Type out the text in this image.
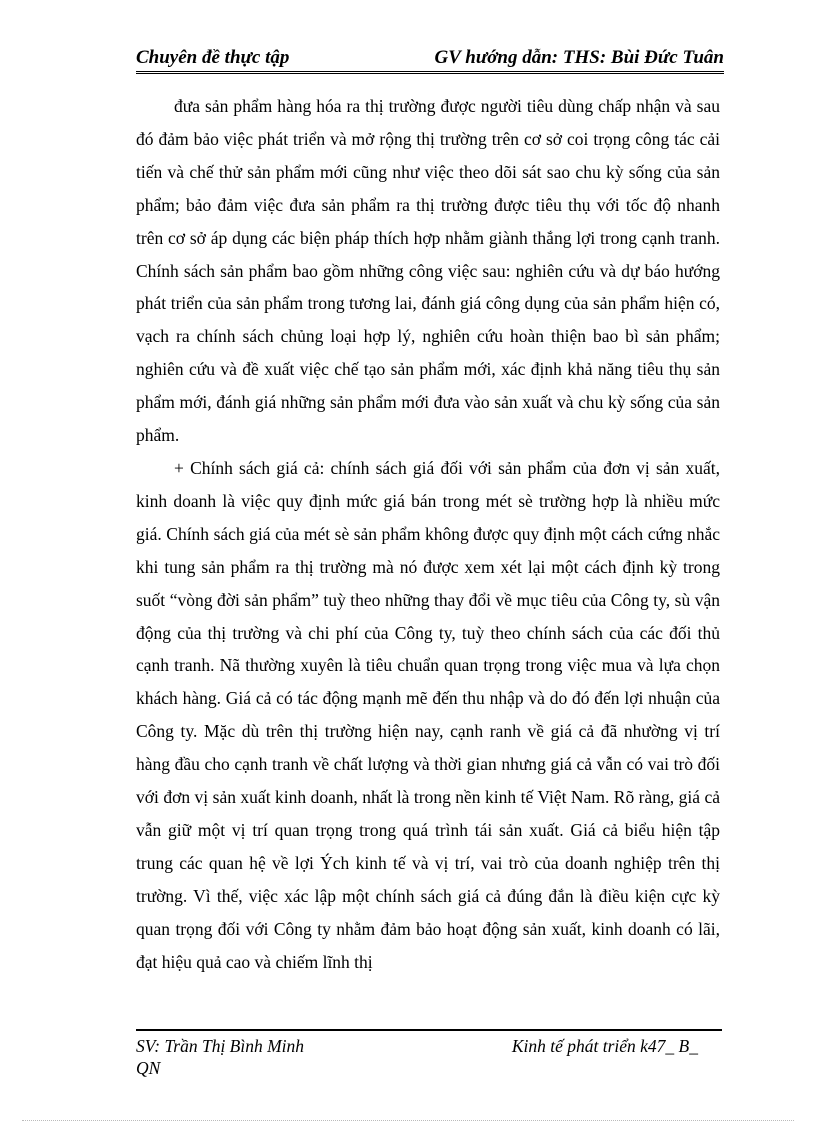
Chuyên đề thực tập	GV hướng dẫn: THS: Bùi Đức Tuân

đưa sản phẩm hàng hóa ra thị trường được người tiêu dùng chấp nhận và sau đó đảm bảo việc phát triển và mở rộng thị trường trên cơ sở coi trọng công tác cải tiến và chế thử sản phẩm mới cũng như việc theo dõi sát sao chu kỳ sống của sản phẩm; bảo đảm việc đưa sản phẩm ra thị trường được tiêu thụ với tốc độ nhanh trên cơ sở áp dụng các biện pháp thích hợp nhằm giành thắng lợi trong cạnh tranh. Chính sách sản phẩm bao gồm những công việc sau: nghiên cứu và dự báo hướng phát triển của sản phẩm trong tương lai, đánh giá công dụng của sản phẩm hiện có, vạch ra chính sách chủng loại hợp lý, nghiên cứu hoàn thiện bao bì sản phẩm; nghiên cứu và đề xuất việc chế tạo sản phẩm mới, xác định khả năng tiêu thụ sản phẩm mới, đánh giá những sản phẩm mới đưa vào sản xuất và chu kỳ sống của sản phẩm.

+ Chính sách giá cả: chính sách giá đối với sản phẩm của đơn vị sản xuất, kinh doanh là việc quy định mức giá bán trong mét sè trường hợp là nhiều mức giá. Chính sách giá của mét sè sản phẩm không được quy định một cách cứng nhắc khi tung sản phẩm ra thị trường mà nó được xem xét lại một cách định kỳ trong suốt “vòng đời sản phẩm” tuỳ theo những thay đổi về mục tiêu của Công ty, sù vận động của thị trường và chi phí của Công ty, tuỳ theo chính sách của các đối thủ cạnh tranh. Nã thường xuyên là tiêu chuẩn quan trọng trong việc mua và lựa chọn khách hàng. Giá cả có tác động mạnh mẽ đến thu nhập và do đó đến lợi nhuận của Công ty. Mặc dù trên thị trường hiện nay, cạnh ranh về giá cả đã nhường vị trí hàng đầu cho cạnh tranh về chất lượng và thời gian nhưng giá cả vẫn có vai trò đối với đơn vị sản xuất kinh doanh, nhất là trong nền kinh tế Việt Nam. Rõ ràng, giá cả vẫn giữ một vị trí quan trọng trong quá trình tái sản xuất. Giá cả biểu hiện tập trung các quan hệ về lợi Ých kinh tế và vị trí, vai trò của doanh nghiệp trên thị trường. Vì thế, việc xác lập một chính sách giá cả đúng đắn là điều kiện cực kỳ quan trọng đối với Công ty nhằm đảm bảo hoạt động sản xuất, kinh doanh có lãi, đạt hiệu quả cao và chiếm lĩnh thị

SV: Trần Thị Bình Minh	Kinh tế phát triển k47_ B_
QN
